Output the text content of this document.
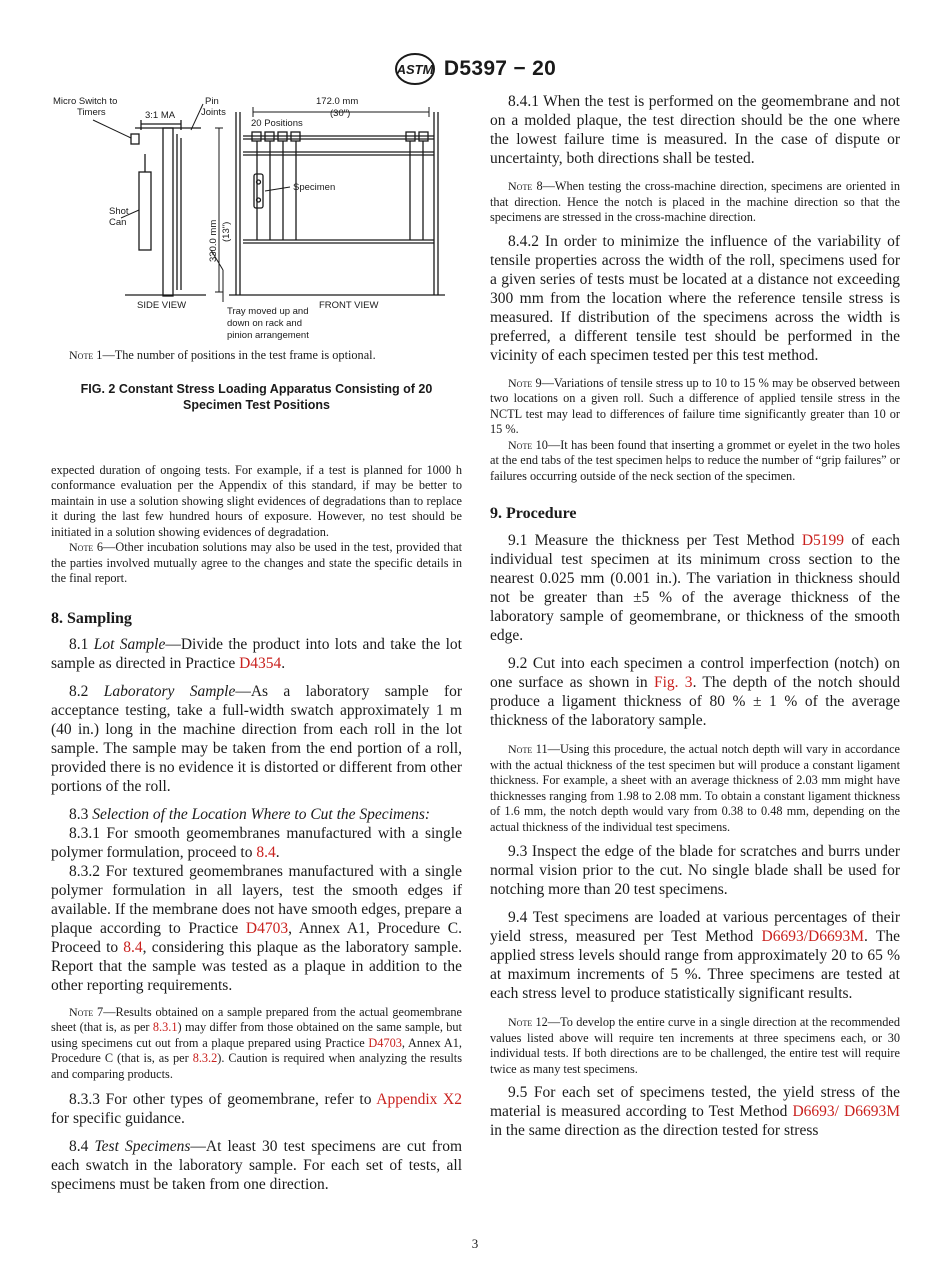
ASTM D5397 − 20
Micro Switch to
Timers	3:1 MA
Pin
Joints
20 Positions
172.0 mm
(30")
Specimen
Shot
Can	330.0 mm (13")
SIDE VIEW	FRONT VIEW
Tray moved up and
down on rack and
pinion arrangement

Note 1—The number of positions in the test frame is optional.

FIG. 2 Constant Stress Loading Apparatus Consisting of 20
Specimen Test Positions

expected duration of ongoing tests. For example, if a test is planned for 1000 h conformance evaluation per the Appendix of this standard, if may be better to maintain in use a solution showing slight evidences of degradations than to replace it during the last few hundred hours of exposure. However, no test should be initiated in a solution showing evidences of degradation.

Note 6—Other incubation solutions may also be used in the test, provided that the parties involved mutually agree to the changes and state the specific details in the final report.

8. Sampling

8.1 Lot Sample—Divide the product into lots and take the lot sample as directed in Practice D4354.

8.2 Laboratory Sample—As a laboratory sample for acceptance testing, take a full-width swatch approximately 1 m (40 in.) long in the machine direction from each roll in the lot sample. The sample may be taken from the end portion of a roll, provided there is no evidence it is distorted or different from other portions of the roll.

8.3 Selection of the Location Where to Cut the Specimens:

8.3.1 For smooth geomembranes manufactured with a single polymer formulation, proceed to 8.4.

8.3.2 For textured geomembranes manufactured with a single polymer formulation in all layers, test the smooth edges if available. If the membrane does not have smooth edges, prepare a plaque according to Practice D4703, Annex A1, Procedure C. Proceed to 8.4, considering this plaque as the laboratory sample. Report that the sample was tested as a plaque in addition to the other reporting requirements.

Note 7—Results obtained on a sample prepared from the actual geomembrane sheet (that is, as per 8.3.1) may differ from those obtained on the same sample, but using specimens cut out from a plaque prepared using Practice D4703, Annex A1, Procedure C (that is, as per 8.3.2). Caution is required when analyzing the results and comparing products.

8.3.3 For other types of geomembrane, refer to Appendix X2 for specific guidance.

8.4 Test Specimens—At least 30 test specimens are cut from each swatch in the laboratory sample. For each set of tests, all specimens must be taken from one direction.

8.4.1 When the test is performed on the geomembrane and not on a molded plaque, the test direction should be the one where the lowest failure time is measured. In the case of dispute or uncertainty, both directions shall be tested.

Note 8—When testing the cross-machine direction, specimens are oriented in that direction. Hence the notch is placed in the machine direction so that the specimens are stressed in the cross-machine direction.

8.4.2 In order to minimize the influence of the variability of tensile properties across the width of the roll, specimens used for a given series of tests must be located at a distance not exceeding 300 mm from the location where the reference tensile stress is measured. If distribution of the specimens across the width is preferred, a different tensile test should be performed in the vicinity of each specimen tested per this test method.

Note 9—Variations of tensile stress up to 10 to 15 % may be observed between two locations on a given roll. Such a difference of applied tensile stress in the NCTL test may lead to differences of failure time significantly greater than 10 or 15 %.

Note 10—It has been found that inserting a grommet or eyelet in the two holes at the end tabs of the test specimen helps to reduce the number of “grip failures” or failures occurring outside of the neck section of the specimen.

9. Procedure

9.1 Measure the thickness per Test Method D5199 of each individual test specimen at its minimum cross section to the nearest 0.025 mm (0.001 in.). The variation in thickness should not be greater than ±5 % of the average thickness of the laboratory sample of geomembrane, or thickness of the smooth edge.

9.2 Cut into each specimen a control imperfection (notch) on one surface as shown in Fig. 3. The depth of the notch should produce a ligament thickness of 80 % ± 1 % of the average thickness of the laboratory sample.

Note 11—Using this procedure, the actual notch depth will vary in accordance with the actual thickness of the test specimen but will produce a constant ligament thickness. For example, a sheet with an average thickness of 2.03 mm might have thicknesses ranging from 1.98 to 2.08 mm. To obtain a constant ligament thickness of 1.6 mm, the notch depth would vary from 0.38 to 0.48 mm, depending on the actual thickness of the individual test specimens.

9.3 Inspect the edge of the blade for scratches and burrs under normal vision prior to the cut. No single blade shall be used for notching more than 20 test specimens.

9.4 Test specimens are loaded at various percentages of their yield stress, measured per Test Method D6693/D6693M. The applied stress levels should range from approximately 20 to 65 % at maximum increments of 5 %. Three specimens are tested at each stress level to produce statistically significant results.

Note 12—To develop the entire curve in a single direction at the recommended values listed above will require ten increments at three specimens each, or 30 individual tests. If both directions are to be challenged, the entire test will require twice as many test specimens.

9.5 For each set of specimens tested, the yield stress of the material is measured according to Test Method D6693/ D6693M in the same direction as the direction tested for stress

3
